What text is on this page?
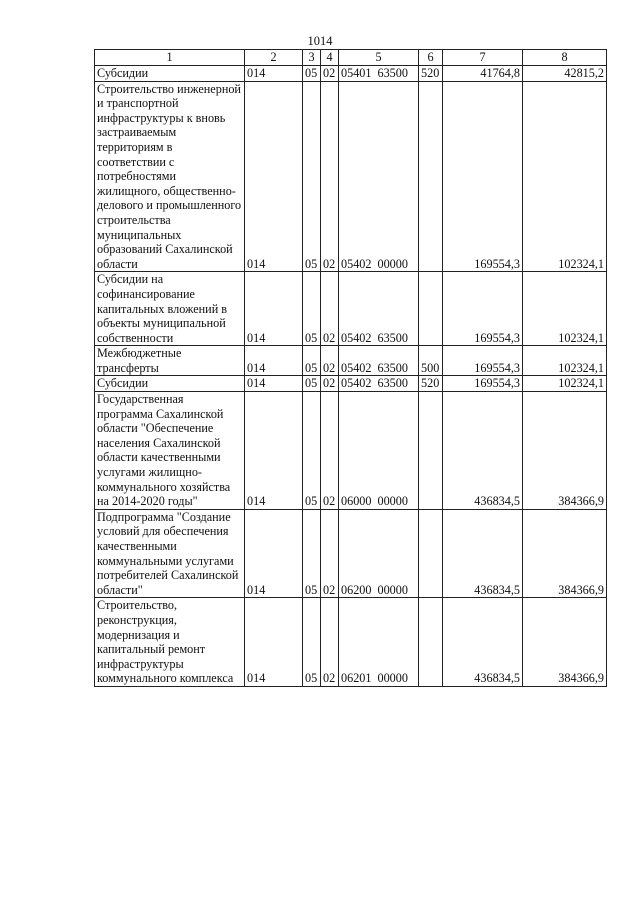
1014
1	2	3	4	5	6	7	8
Субсидии	014	05	02	05401 63500	520	41764,8	42815,2
Строительство инженерной и транспортной инфраструктуры к вновь застраиваемым территориям в соответствии с потребностями жилищного, общественно-делового и промышленного строительства муниципальных образований Сахалинской области	014	05	02	05402 00000		169554,3	102324,1
Субсидии на софинансирование капитальных вложений в объекты муниципальной собственности	014	05	02	05402 63500		169554,3	102324,1
Межбюджетные трансферты	014	05	02	05402 63500	500	169554,3	102324,1
Субсидии	014	05	02	05402 63500	520	169554,3	102324,1
Государственная программа Сахалинской области "Обеспечение населения Сахалинской области качественными услугами жилищно-коммунального хозяйства на 2014-2020 годы"	014	05	02	06000 00000		436834,5	384366,9
Подпрограмма "Создание условий для обеспечения качественными коммунальными услугами потребителей Сахалинской области"	014	05	02	06200 00000		436834,5	384366,9
Строительство, реконструкция, модернизация и капитальный ремонт инфраструктуры коммунального комплекса	014	05	02	06201 00000		436834,5	384366,9
